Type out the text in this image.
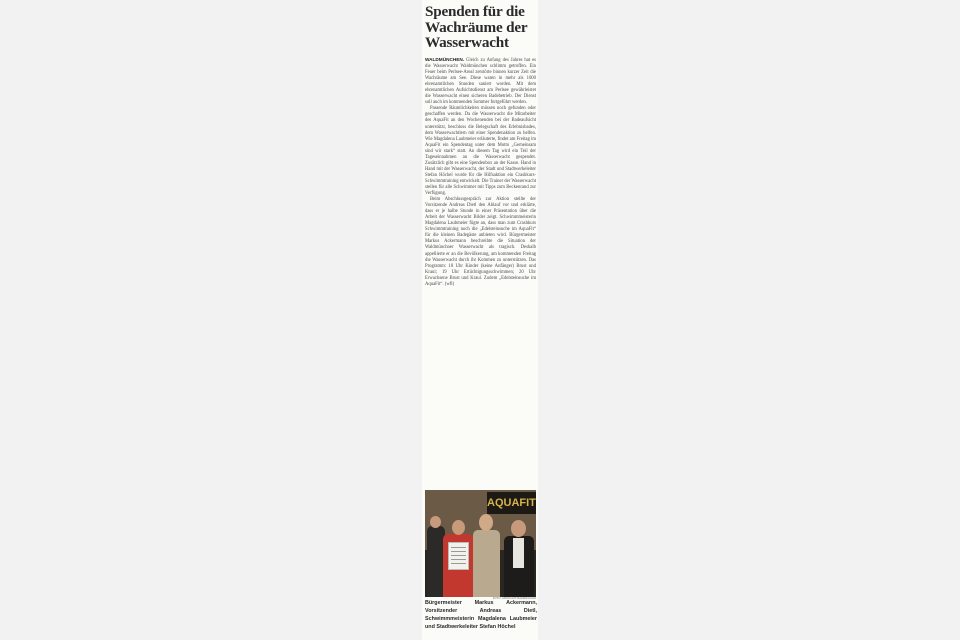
Spenden für die Wachräume der Wasserwacht

WALDMÜNCHEN. Gleich zu Anfang des Jahres hat es die Wasserwacht Waldmünchen schlimm getroffen. Ein Feuer beim Perlsee-Areal zerstörte binnen kurzer Zeit die Wachräume am See. Diese waren in mehr als 1000 ehrenamtlichen Stunden saniert worden. Mit dem ehrenamtlichen Aufsichtsdienst am Perlsee gewährleistet die Wasserwacht einen sicheren Badebetrieb. Der Dienst soll auch im kommenden Sommer fortgeführt werden.

Passende Räumlichkeiten müssen noch gefunden oder geschaffen werden. Da die Wasserwacht die Mitarbeiter des AquaFit an den Wochenenden bei der Badeaufsicht unterstützt, beschloss die Belegschaft des Erlebnisbades, dem Wasserwachtlern mit einer Spendenaktion zu helfen. Wie Magdalena Laubmeier erläuterte, findet am Freitag im AquaFit ein Spendentag unter dem Motto „Gemeinsam sind wir stark“ statt. An diesem Tag wird ein Teil der Tageseinnahmen an die Wasserwacht gespendet. Zusätzlich gibt es eine Spendenbox an der Kasse. Hand in Hand mit der Wasserwacht, der Stadt und Stadtwerkeleiter Stefan Höchel wurde für die Hilfsaktion ein Crashkurs-Schwimmtraining entwickelt. Die Trainer der Wasserwacht stellen für alle Schwimmer mit Tipps zum Beckenrand zur Verfügung.

Beim Abschlussgespräch zur Aktion stellte der Vorsitzende Andreas Dietl den Ablauf vor und erklärte, dass er je halbe Stunde in einer Präsentation über die Arbeit der Wasserwacht Bilder zeigt. Schwimmmeisterin Magdalena Laubmeier fügte an, dass man zum Crashkurs Schwimmtraining noch die „Edelsteinsuche im AquaFit“ für die kleinen Badegäste anbieten wird. Bürgermeister Markus Ackermann beschreibte die Situation der Waldmünchner Wasserwacht als tragisch. Deshalb appellierte er an die Bevölkerung, am kommenden Freitag die Wasserwacht durch ihr Kommen zu unterstützen. Das Programm: 18 Uhr Kinder (keine Anfänger) Brust und Kraul; 19 Uhr Ertüchtigungsschwimmen; 20 Uhr Erwachsene Brust und Kraul. Zudem „Edelsteinsuche im AquaFit“. (wfl)

AQUAFIT
FOTO: ARNOLD/STELDER/HAHN
Bürgermeister Markus Ackermann, Vorsitzender Andreas Dietl, Schwimmmeisterin Magdalena Laubmeier und Stadtwerkeleiter Stefan Höchel
